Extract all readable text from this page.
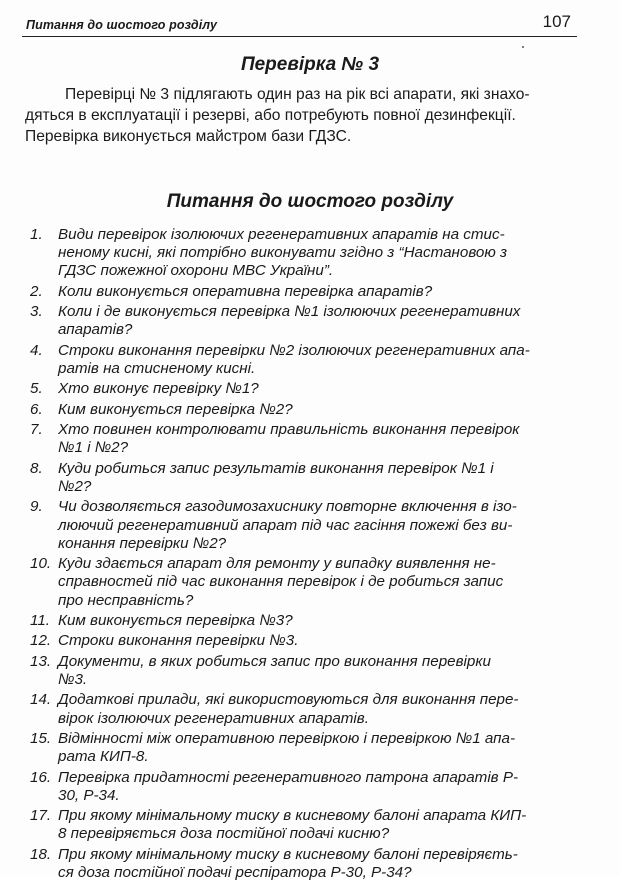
Питання до шостого розділу	107
Перевірка № 3

Перевірці № 3 підлягають один раз на рік всі апарати, які знахо-
дяться в експлуатації і резерві, або потребують повної дезинфекції.
Перевірка виконується майстром бази ГДЗС.

Питання до шостого розділу
1.	Види перевірок ізолюючих регенеративних апаратів на стис-
неному кисні, які потрібно виконувати згідно з “Настановою з
ГДЗС пожежної охорони МВС України”.
2.	Коли виконується оперативна перевірка апаратів?
3.	Коли і де виконується перевірка №1 ізолюючих регенеративних
апаратів?
4.	Строки виконання перевірки №2 ізолюючих регенеративних апа-
ратів на стисненому кисні.
5.	Хто виконує перевірку №1?
6.	Ким виконується перевірка №2?
7.	Хто повинен контролювати правильність виконання перевірок
№1 і №2?
8.	Куди робиться запис результатів виконання перевірок №1 і
№2?
9.	Чи дозволяється газодимозахиснику повторне включення в ізо-
люючий регенеративний апарат під час гасіння пожежі без ви-
конання перевірки №2?
10. Куди здається апарат для ремонту у випадку виявлення не-
справностей під час виконання перевірок і де робиться запис
про несправність?
11. Ким виконується перевірка №3?
12. Строки виконання перевірки №3.
13. Документи, в яких робиться запис про виконання перевірки
№3.
14. Додаткові прилади, які використовуються для виконання пере-
вірок ізолюючих регенеративних апаратів.
15. Відмінності між оперативною перевіркою і перевіркою №1 апа-
рата КИП-8.
16. Перевірка придатності регенеративного патрона апаратів Р-
30, Р-34.
17. При якому мінімальному тиску в кисневому балоні апарата КИП-
8 перевіряється доза постійної подачі кисню?
18. При якому мінімальному тиску в кисневому балоні перевіряєть-
ся доза постійної подачі респіратора Р-30, Р-34?
